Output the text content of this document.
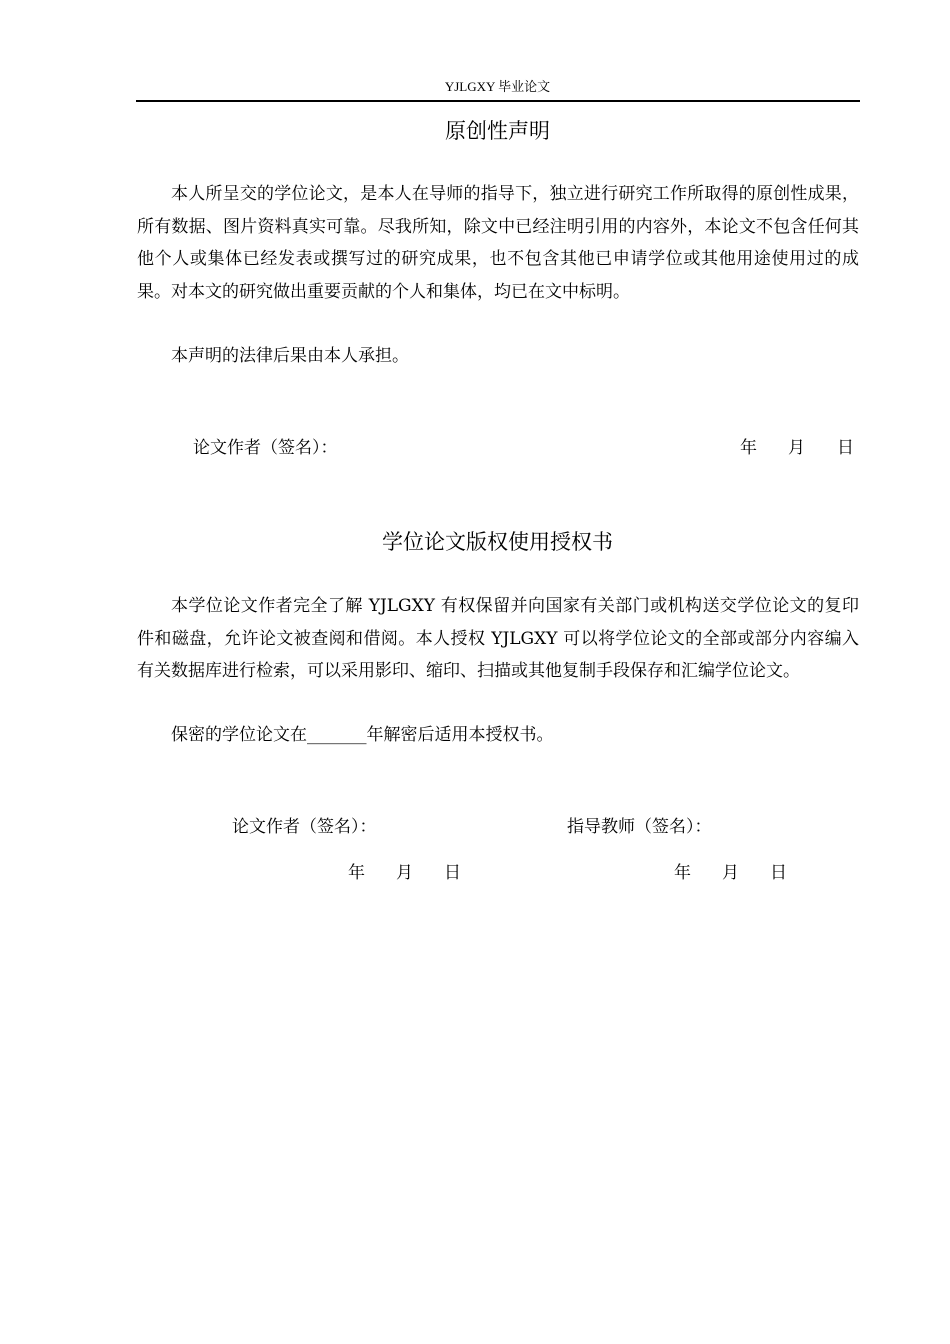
YJLGXY 毕业论文
原创性声明

本人所呈交的学位论文，是本人在导师的指导下，独立进行研究工作所取得的原创性成果，所有数据、图片资料真实可靠。尽我所知，除文中已经注明引用的内容外，本论文不包含任何其他个人或集体已经发表或撰写过的研究成果，也不包含其他已申请学位或其他用途使用过的成果。对本文的研究做出重要贡献的个人和集体，均已在文中标明。

本声明的法律后果由本人承担。

论文作者（签名）：	年 月 日
学位论文版权使用授权书

本学位论文作者完全了解 YJLGXY 有权保留并向国家有关部门或机构送交学位论文的复印件和磁盘，允许论文被查阅和借阅。本人授权 YJLGXY 可以将学位论文的全部或部分内容编入有关数据库进行检索，可以采用影印、缩印、扫描或其他复制手段保存和汇编学位论文。

保密的学位论文在_______年解密后适用本授权书。

论文作者（签名）：	指导教师（签名）：
年 月 日	年 月 日
